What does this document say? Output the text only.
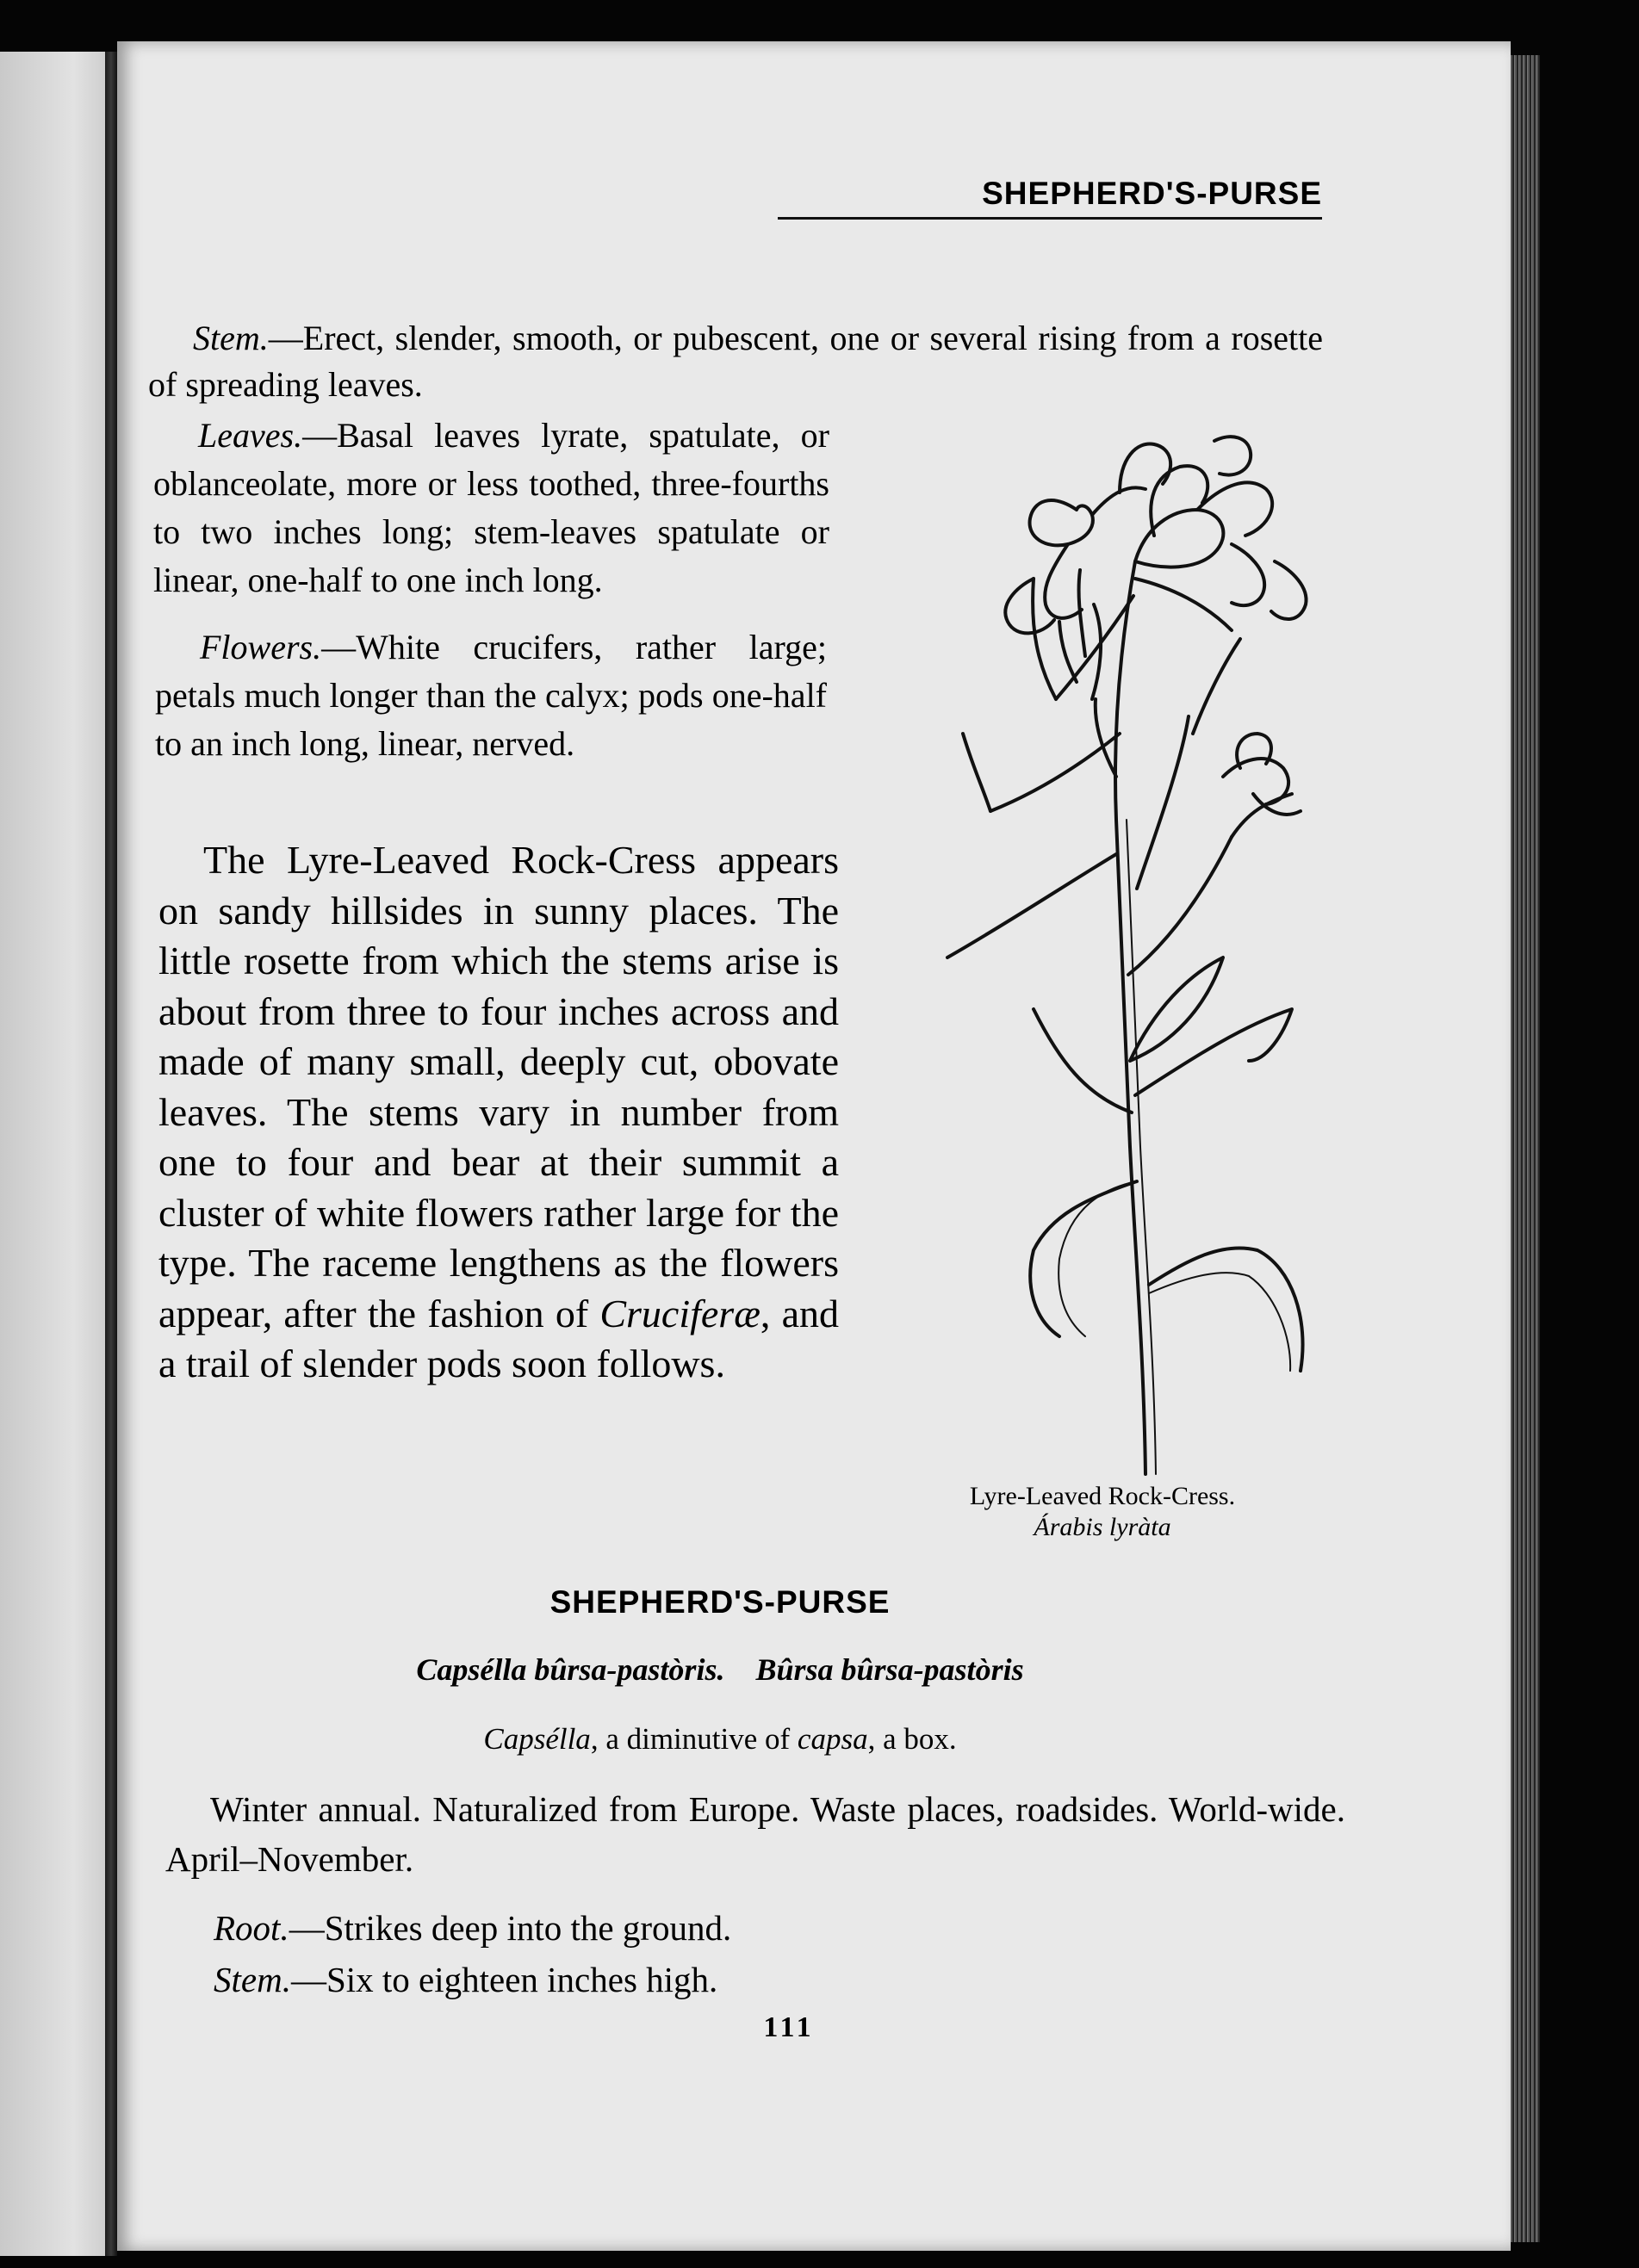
SHEPHERD'S-PURSE

Stem.—Erect, slender, smooth, or pubescent, one or several rising from a rosette of spreading leaves.

Leaves.—Basal leaves lyrate, spatulate, or oblanceolate, more or less toothed, three-fourths to two inches long; stem-leaves spatulate or linear, one-half to one inch long.

Flowers.—White crucifers, rather large; petals much longer than the calyx; pods one-half to an inch long, linear, nerved.

The Lyre-Leaved Rock-Cress appears on sandy hillsides in sunny places. The little rosette from which the stems arise is about from three to four inches across and made of many small, deeply cut, obovate leaves. The stems vary in number from one to four and bear at their summit a cluster of white flowers rather large for the type. The raceme lengthens as the flowers appear, after the fashion of Cruciferæ, and a trail of slender pods soon follows.

Lyre-Leaved Rock-Cress.
Árabis lyràta
SHEPHERD'S-PURSE
Capsélla bûrsa-pastòris. Bûrsa bûrsa-pastòris
Capsélla, a diminutive of capsa, a box.

Winter annual. Naturalized from Europe. Waste places, roadsides. World-wide. April–November.

Root.—Strikes deep into the ground.

Stem.—Six to eighteen inches high.

111
